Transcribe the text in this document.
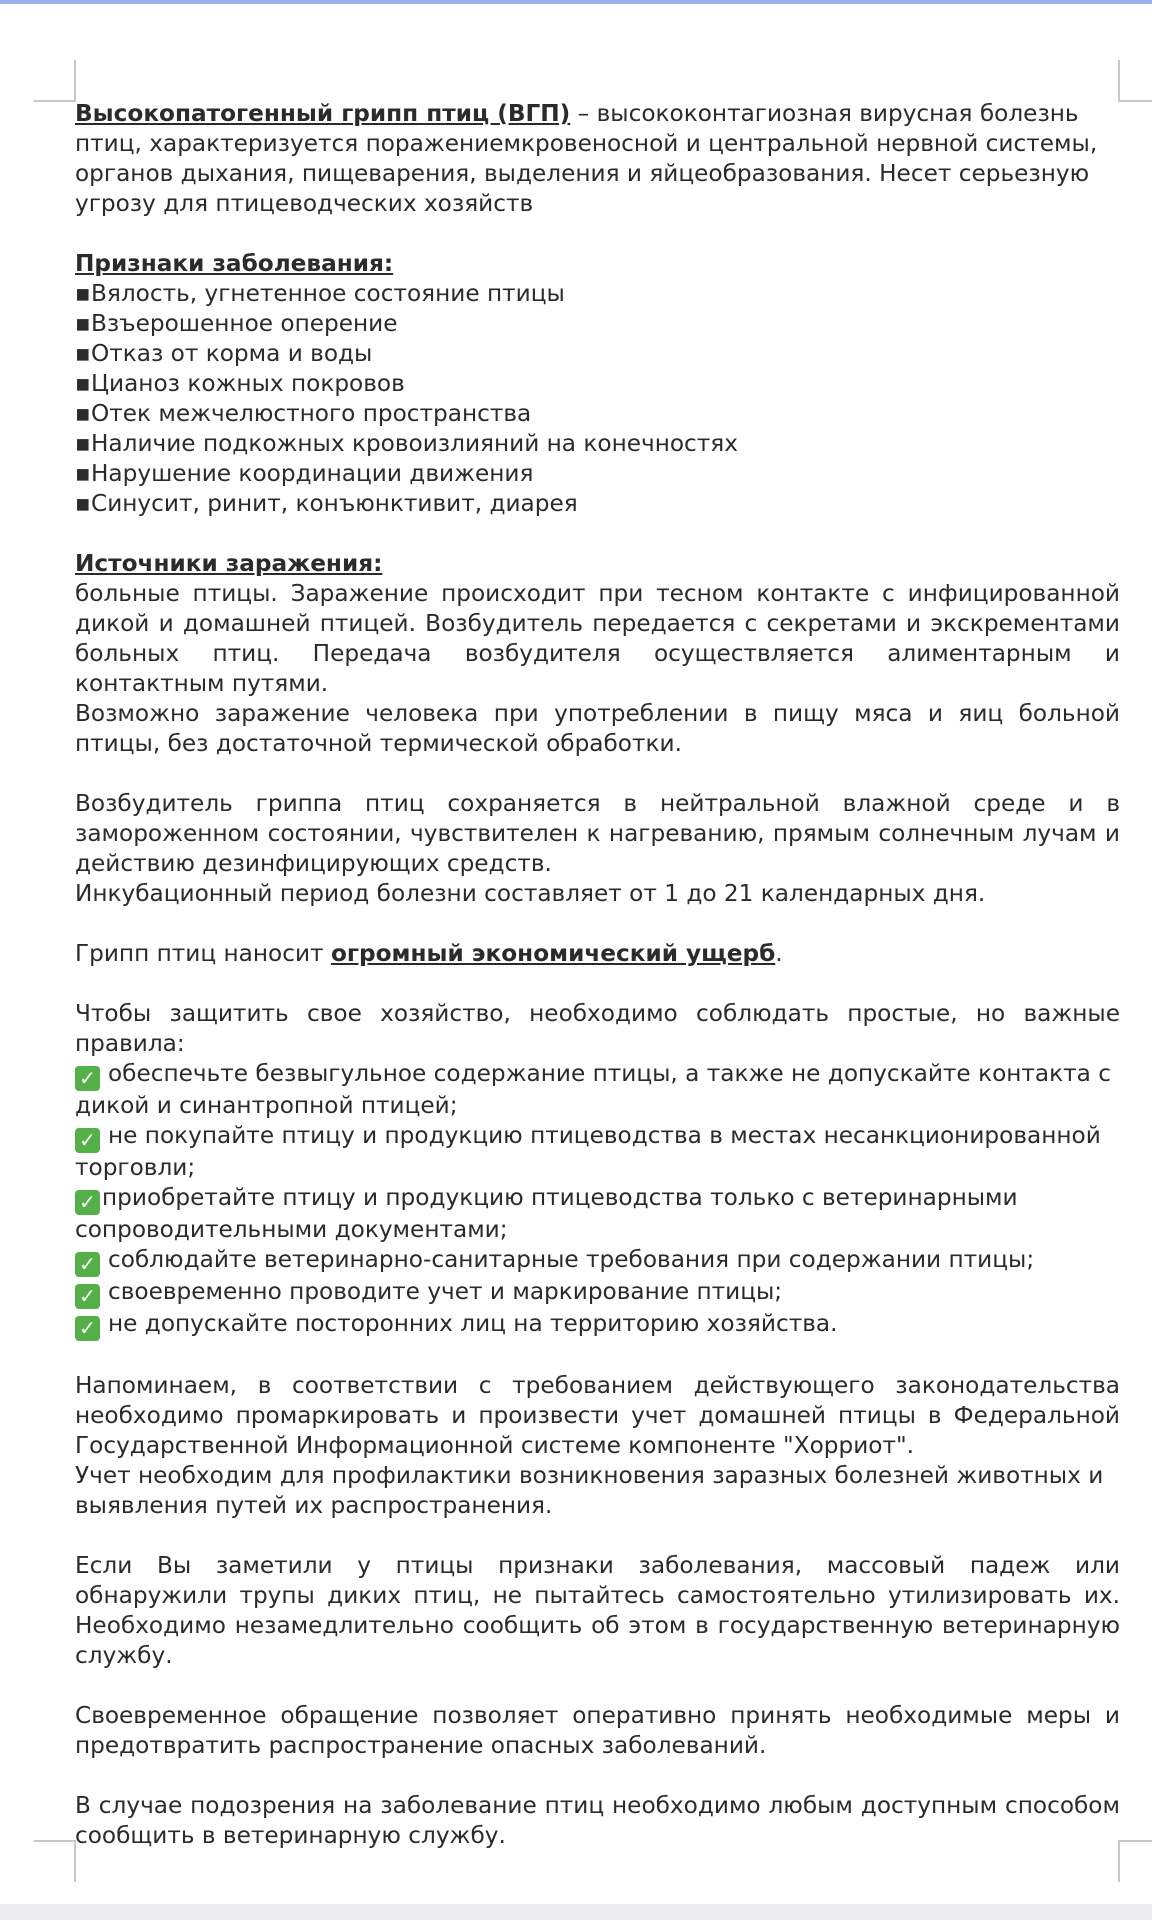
Высокопатогенный грипп птиц (ВГП) – высококонтагиозная вирусная болезнь птиц, характеризуется поражениемкровеносной и центральной нервной системы, органов дыхания, пищеварения, выделения и яйцеобразования. Несет серьезную угрозу для птицеводческих хозяйств

Признаки заболевания:

▪Вялость, угнетенное состояние птицы

▪Взъерошенное оперение

▪Отказ от корма и воды

▪Цианоз кожных покровов

▪Отек межчелюстного пространства

▪Наличие подкожных кровоизлияний на конечностях

▪Нарушение координации движения

▪Синусит, ринит, конъюнктивит, диарея

Источники заражения:

больные птицы. Заражение происходит при тесном контакте с инфицированной дикой и домашней птицей. Возбудитель передается с секретами и экскрементами больных птиц. Передача возбудителя осуществляется алиментарным и контактным путями.

Возможно заражение человека при употреблении в пищу мяса и яиц больной птицы, без достаточной термической обработки.

Возбудитель гриппа птиц сохраняется в нейтральной влажной среде и в замороженном состоянии, чувствителен к нагреванию, прямым солнечным лучам и действию дезинфицирующих средств.

Инкубационный период болезни составляет от 1 до 21 календарных дня.

Грипп птиц наносит огромный экономический ущерб.

Чтобы защитить свое хозяйство, необходимо соблюдать простые, но важные правила:

✓ обеспечьте безвыгульное содержание птицы, а также не допускайте контакта с дикой и синантропной птицей;

✓ не покупайте птицу и продукцию птицеводства в местах несанкционированной торговли;

✓ приобретайте птицу и продукцию птицеводства только с ветеринарными сопроводительными документами;

✓ соблюдайте ветеринарно-санитарные требования при содержании птицы;

✓ своевременно проводите учет и маркирование птицы;

✓ не допускайте посторонних лиц на территорию хозяйства.

Напоминаем, в соответствии с требованием действующего законодательства необходимо промаркировать и произвести учет домашней птицы в Федеральной Государственной Информационной системе компоненте "Хорриот".

Учет необходим для профилактики возникновения заразных болезней животных и выявления путей их распространения.

Если Вы заметили у птицы признаки заболевания, массовый падеж или обнаружили трупы диких птиц, не пытайтесь самостоятельно утилизировать их. Необходимо незамедлительно сообщить об этом в государственную ветеринарную службу.

Своевременное обращение позволяет оперативно принять необходимые меры и предотвратить распространение опасных заболеваний.

В случае подозрения на заболевание птиц необходимо любым доступным способом сообщить в ветеринарную службу.
